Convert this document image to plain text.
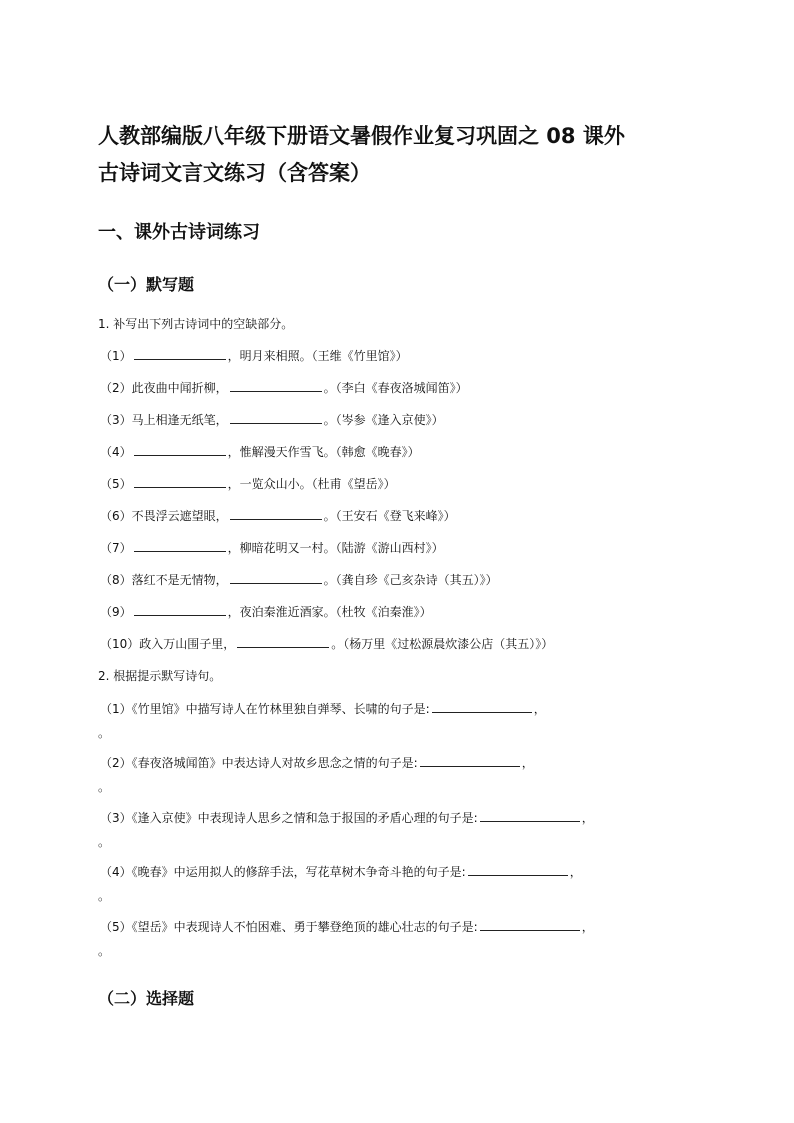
人教部编版八年级下册语文暑假作业复习巩固之 08 课外
古诗词文言文练习（含答案）
一、课外古诗词练习
（一）默写题
1. 补写出下列古诗词中的空缺部分。
（1）	，明月来相照。（王维《竹里馆》）
（2）此夜曲中闻折柳，	。（李白《春夜洛城闻笛》）
（3）马上相逢无纸笔，	。（岑参《逢入京使》）
（4）	，惟解漫天作雪飞。（韩愈《晚春》）
（5）	，一览众山小。（杜甫《望岳》）
（6）不畏浮云遮望眼，	。（王安石《登飞来峰》）
（7）	，柳暗花明又一村。（陆游《游山西村》）
（8）落红不是无情物，	。（龚自珍《己亥杂诗（其五）》）
（9）	，夜泊秦淮近酒家。（杜牧《泊秦淮》）
（10）政入万山围子里，	。（杨万里《过松源晨炊漆公店（其五）》）
2. 根据提示默写诗句。
（1）《竹里馆》中描写诗人在竹林里独自弹琴、长啸的句子是:	，
。
（2）《春夜洛城闻笛》中表达诗人对故乡思念之情的句子是:	，
。
（3）《逢入京使》中表现诗人思乡之情和急于报国的矛盾心理的句子是:	，
。
（4）《晚春》中运用拟人的修辞手法，写花草树木争奇斗艳的句子是:	，
。
（5）《望岳》中表现诗人不怕困难、勇于攀登绝顶的雄心壮志的句子是:	，
。
（二）选择题
